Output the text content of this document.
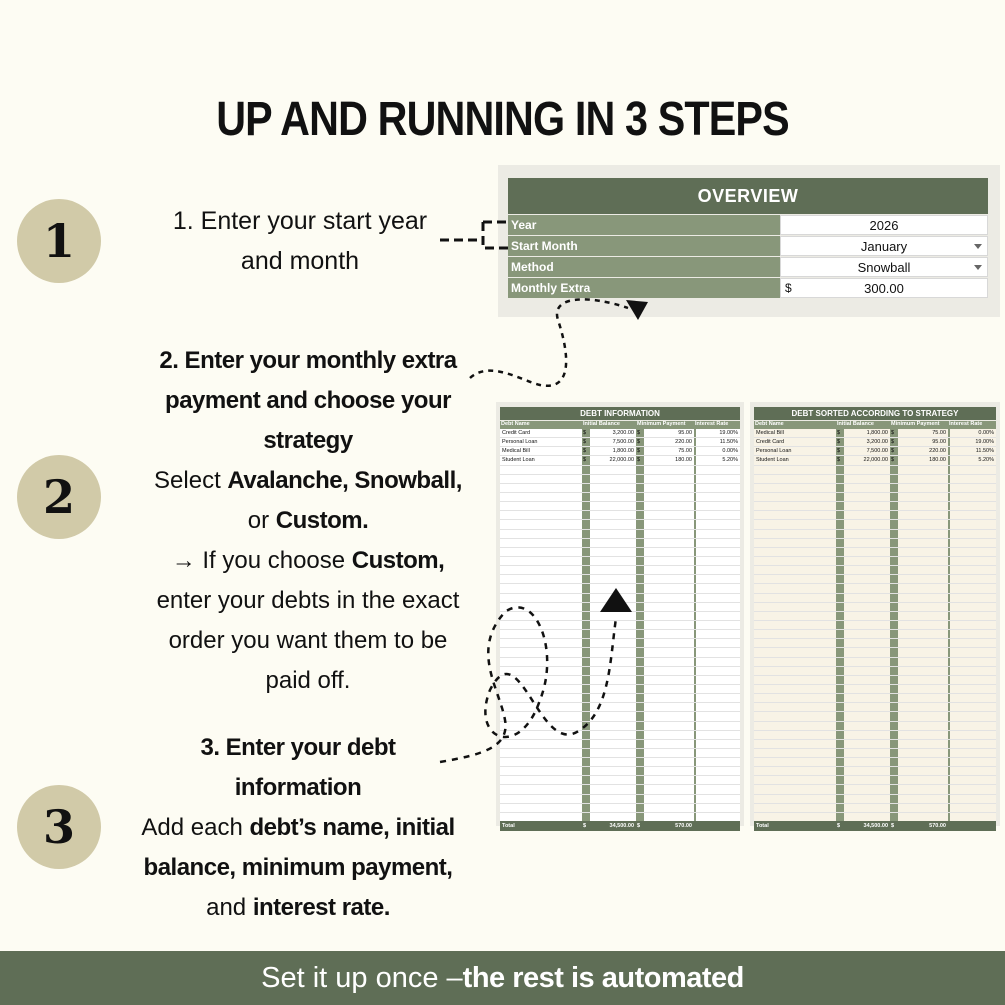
UP AND RUNNING IN 3 STEPS
1
2
3
1. Enter your start year
and month
2. Enter your monthly extra
payment and choose your
strategy
Select Avalanche, Snowball,
or Custom.
→ If you choose Custom,
enter your debts in the exact
order you want them to be
paid off.
3. Enter your debt
information
Add each debt’s name, initial
balance, minimum payment,
and interest rate.
OVERVIEW
Year	2026
Start Month	January
Method	Snowball
Monthly Extra	$	300.00
DEBT INFORMATION
Debt Name	Initial Balance	Minimum Payment	Interest Rate
Credit Card	$ 3,200.00	$ 95.00	19.00%
Personal Loan	$ 7,500.00	$ 220.00	11.50%
Medical Bill	$ 1,800.00	$ 75.00	0.00%
Student Loan	$ 22,000.00	$ 180.00	5.20%
Total	$ 34,500.00	$ 570.00
DEBT SORTED ACCORDING TO STRATEGY
Debt Name	Initial Balance	Minimum Payment	Interest Rate
Medical Bill	$ 1,800.00	$ 75.00	0.00%
Credit Card	$ 3,200.00	$ 95.00	19.00%
Personal Loan	$ 7,500.00	$ 220.00	11.50%
Student Loan	$ 22,000.00	$ 180.00	5.20%
Total	$ 34,500.00	$ 570.00
Set it up once – the rest is automated
